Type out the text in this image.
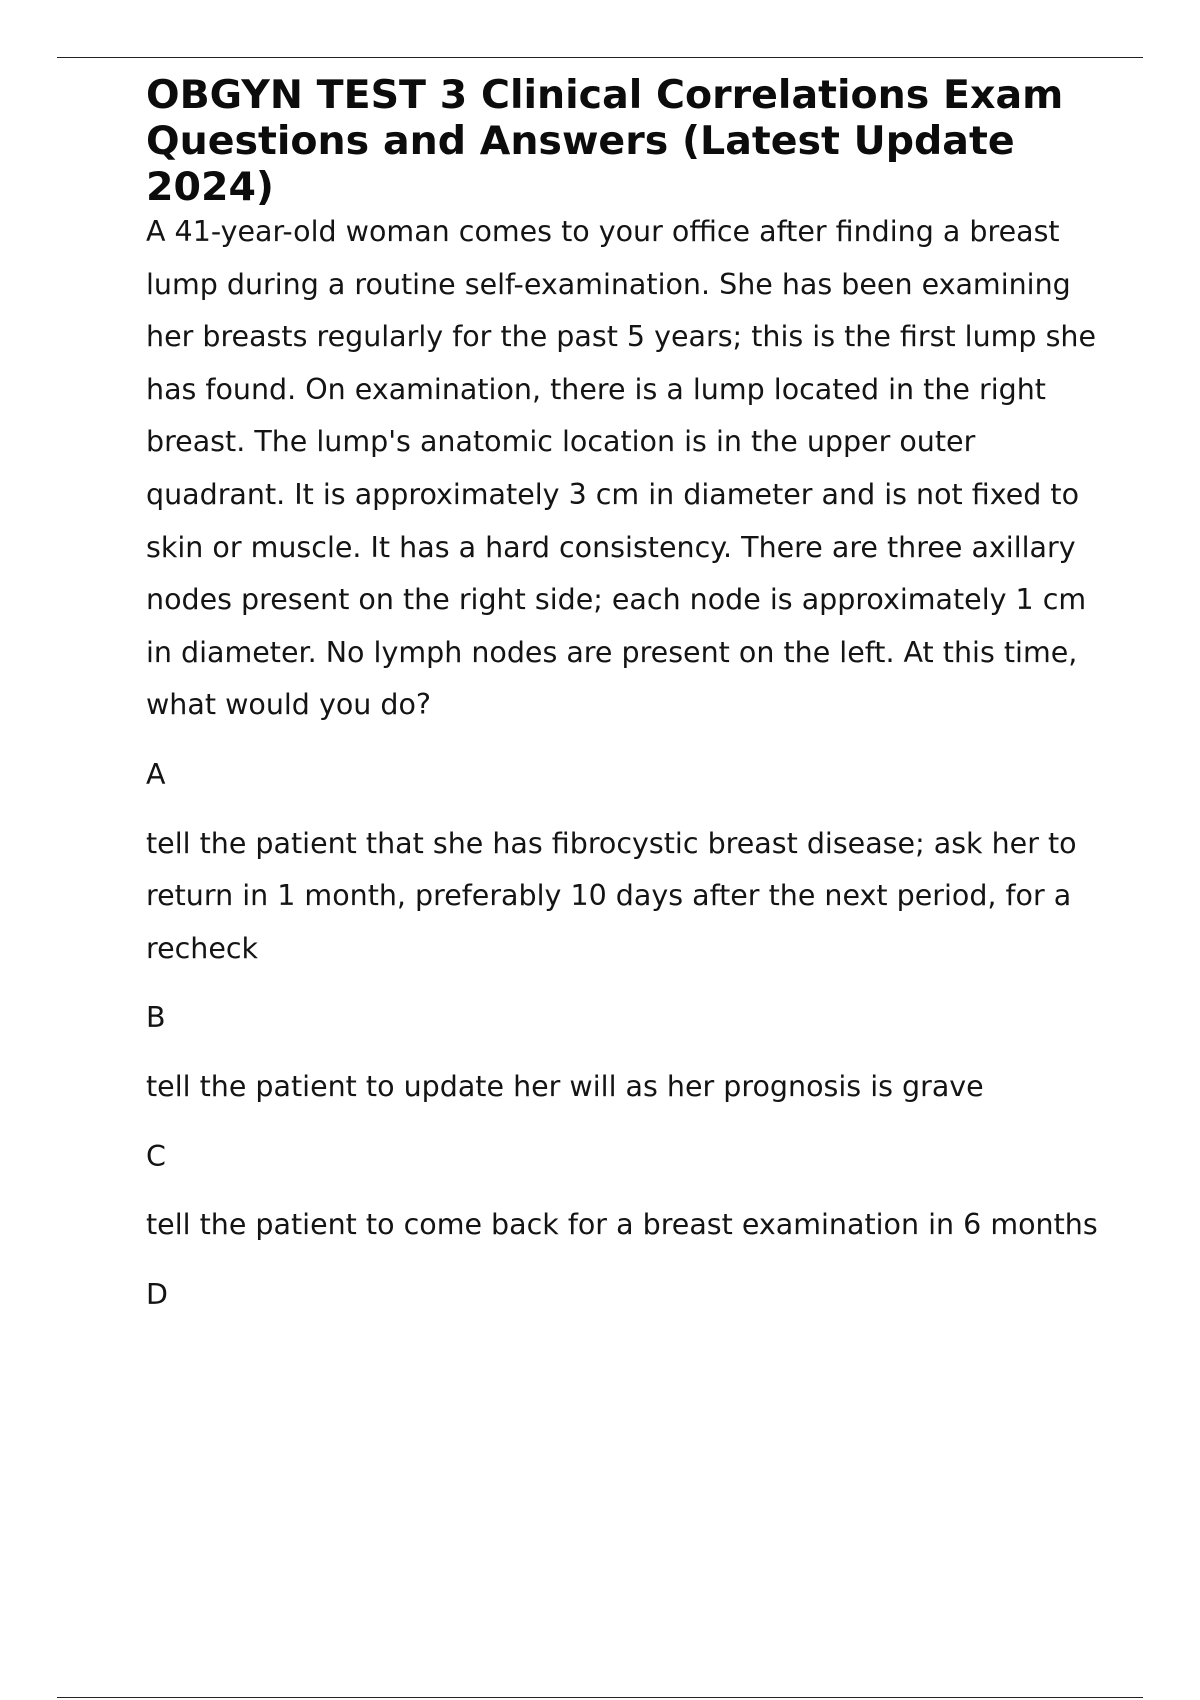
OBGYN TEST 3 Clinical Correlations Exam Questions and Answers (Latest Update 2024)

A 41-year-old woman comes to your office after finding a breast lump during a routine self-examination. She has been examining her breasts regularly for the past 5 years; this is the first lump she has found. On examination, there is a lump located in the right breast. The lump's anatomic location is in the upper outer quadrant. It is approximately 3 cm in diameter and is not fixed to skin or muscle. It has a hard consistency. There are three axillary nodes present on the right side; each node is approximately 1 cm in diameter. No lymph nodes are present on the left. At this time, what would you do?

A

tell the patient that she has fibrocystic breast disease; ask her to return in 1 month, preferably 10 days after the next period, for a recheck

B

tell the patient to update her will as her prognosis is grave

C

tell the patient to come back for a breast examination in 6 months

D
